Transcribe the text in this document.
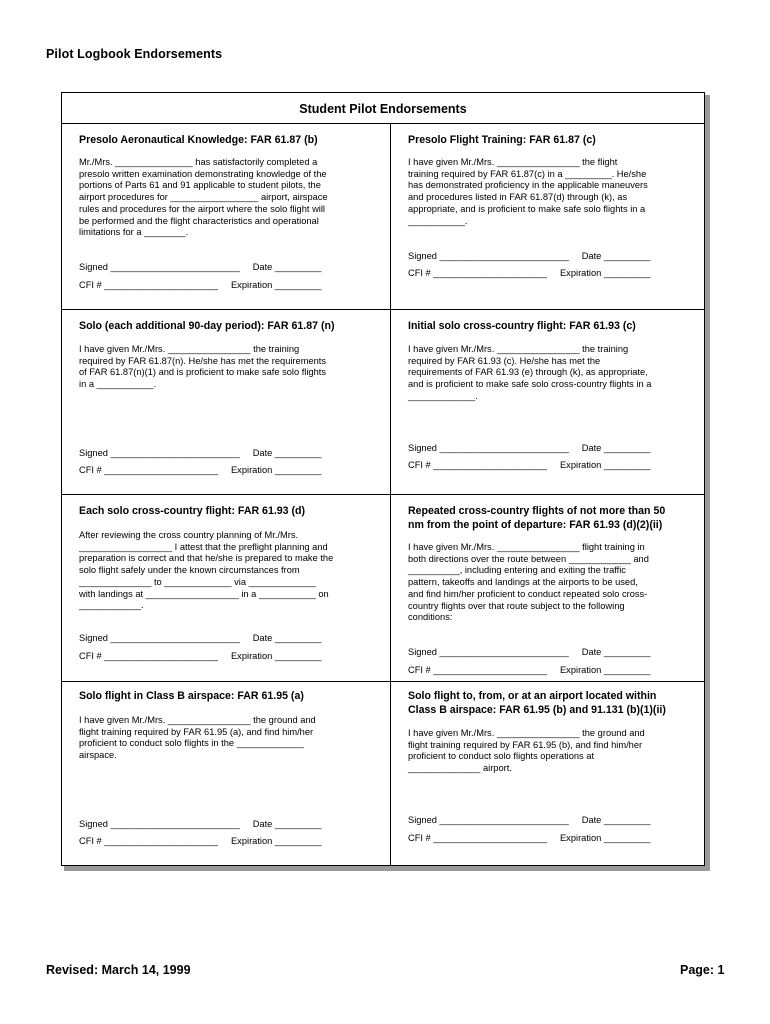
Pilot Logbook Endorsements
Student Pilot Endorsements
Presolo Aeronautical Knowledge: FAR 61.87 (b)
Mr./Mrs. _______________ has satisfactorily completed a
presolo written examination demonstrating knowledge of the
portions of Parts 61 and 91 applicable to student pilots, the
airport procedures for _________________ airport, airspace
rules and procedures for the airport where the solo flight will
be performed and the flight characteristics and operational
limitations for a ________.
Signed _________________________     Date _________
CFI # ______________________     Expiration _________
Presolo Flight Training: FAR 61.87 (c)
I have given Mr./Mrs. ________________ the flight
training required by FAR 61.87(c) in a _________. He/she
has demonstrated proficiency in the applicable maneuvers
and procedures listed in FAR 61.87(d) through (k), as
appropriate, and is proficient to make safe solo flights in a
___________.
Signed _________________________     Date _________
CFI # ______________________     Expiration _________
Solo (each additional 90-day period): FAR 61.87 (n)
I have given Mr./Mrs. ________________ the training
required by FAR 61.87(n). He/she has met the requirements
of FAR 61.87(n)(1) and is proficient to make safe solo flights
in a ___________.
Signed _________________________     Date _________
CFI # ______________________     Expiration _________
Initial solo cross-country flight: FAR 61.93 (c)
I have given Mr./Mrs. ________________ the training
required by FAR 61.93 (c). He/she has met the
requirements of FAR 61.93 (e) through (k), as appropriate,
and is proficient to make safe solo cross-country flights in a
_____________.
Signed _________________________     Date _________
CFI # ______________________     Expiration _________
Each solo cross-country flight: FAR 61.93 (d)
After reviewing the cross country planning of Mr./Mrs.
__________________ I attest that the preflight planning and
preparation is correct and that he/she is prepared to make the
solo flight safely under the known circumstances from
______________ to _____________ via _____________
with landings at __________________ in a ___________ on
____________.
Signed _________________________     Date _________
CFI # ______________________     Expiration _________
Repeated cross-country flights of not more than 50
nm from the point of departure: FAR 61.93 (d)(2)(ii)
I have given Mr./Mrs. ________________ flight training in
both directions over the route between ____________ and
__________, including entering and exiting the traffic
pattern, takeoffs and landings at the airports to be used,
and find him/her proficient to conduct repeated solo cross-
country flights over that route subject to the following
conditions:
Signed _________________________     Date _________
CFI # ______________________     Expiration _________
Solo flight in Class B airspace: FAR 61.95 (a)
I have given Mr./Mrs. ________________ the ground and
flight training required by FAR 61.95 (a), and find him/her
proficient to conduct solo flights in the _____________
airspace.
Signed _________________________     Date _________
CFI # ______________________     Expiration _________
Solo flight to, from, or at an airport located within
Class B airspace: FAR 61.95 (b) and 91.131 (b)(1)(ii)
I have given Mr./Mrs. ________________ the ground and
flight training required by FAR 61.95 (b), and find him/her
proficient to conduct solo flights operations at
______________ airport.
Signed _________________________     Date _________
CFI # ______________________     Expiration _________
Revised: March 14, 1999	Page: 1
